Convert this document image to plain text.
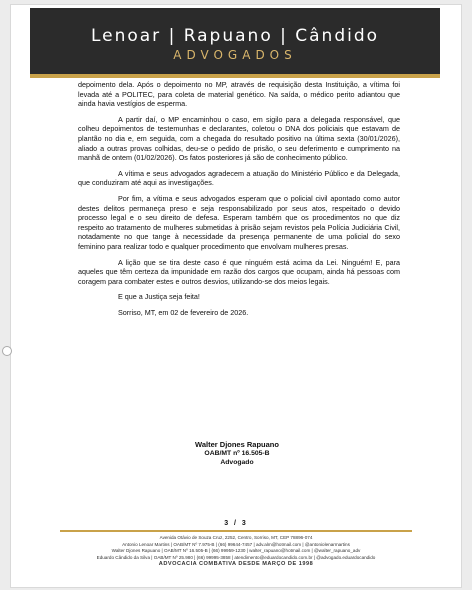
Lenoar | Rapuano | Cândido
ADVOGADOS

depoimento dela. Após o depoimento no MP, através de requisição desta Instituição, a vítima foi levada até a POLITEC, para coleta de material genético. Na saída, o médico perito adiantou que ainda havia vestígios de esperma.

A partir daí, o MP encaminhou o caso, em sigilo para a delegada responsável, que colheu depoimentos de testemunhas e declarantes, coletou o DNA dos policiais que estavam de plantão no dia e, em seguida, com a chegada do resultado positivo na última sexta (30/01/2026), aliado a outras provas colhidas, deu-se o pedido de prisão, o seu deferimento e cumprimento na manhã de ontem (01/02/2026). Os fatos posteriores já são de conhecimento público.

A vítima e seus advogados agradecem a atuação do Ministério Público e da Delegada, que conduziram até aqui as investigações.

Por fim, a vítima e seus advogados esperam que o policial civil apontado como autor destes delitos permaneça preso e seja responsabilizado por seus atos, respeitado o devido processo legal e o seu direito de defesa. Esperam também que os procedimentos no que diz respeito ao tratamento de mulheres submetidas à prisão sejam revistos pela Polícia Judiciária Civil, notadamente no que tange à necessidade da presença permanente de uma policial do sexo feminino para realizar todo e qualquer procedimento que envolvam mulheres presas.

A lição que se tira deste caso é que ninguém está acima da Lei. Ninguém! E, para aqueles que têm certeza da impunidade em razão dos cargos que ocupam, ainda há pessoas com coragem para combater estes e outros desvios, utilizando-se dos meios legais.

E que a Justiça seja feita!

Sorriso, MT, em 02 de fevereiro de 2026.

Walter Djones Rapuano
OAB/MT nº 16.505-B
Advogado
3 / 3
Avenida Otávio de Souza Cruz, 2252, Centro, Sorriso, MT, CEP 78896-074
Antonio Lenoar Martins | OAB/MT Nº 7.975-B | (66) 99644-7457 | adv.alm@hotmail.com | @antoniolenarmartins
Walter Djones Rapuano | OAB/MT Nº 16.505-B | (66) 99959-1230 | walter_rapuano@hotmail.com | @walter_rapuano_adv
Eduardo Cândido da Silva | OAB/MT Nº 25.980 | (66) 99995-3858 | atendimento@eduardocandido.com.br | @advogado.eduardocandido
ADVOCACIA COMBATIVA DESDE MARÇO DE 1998
